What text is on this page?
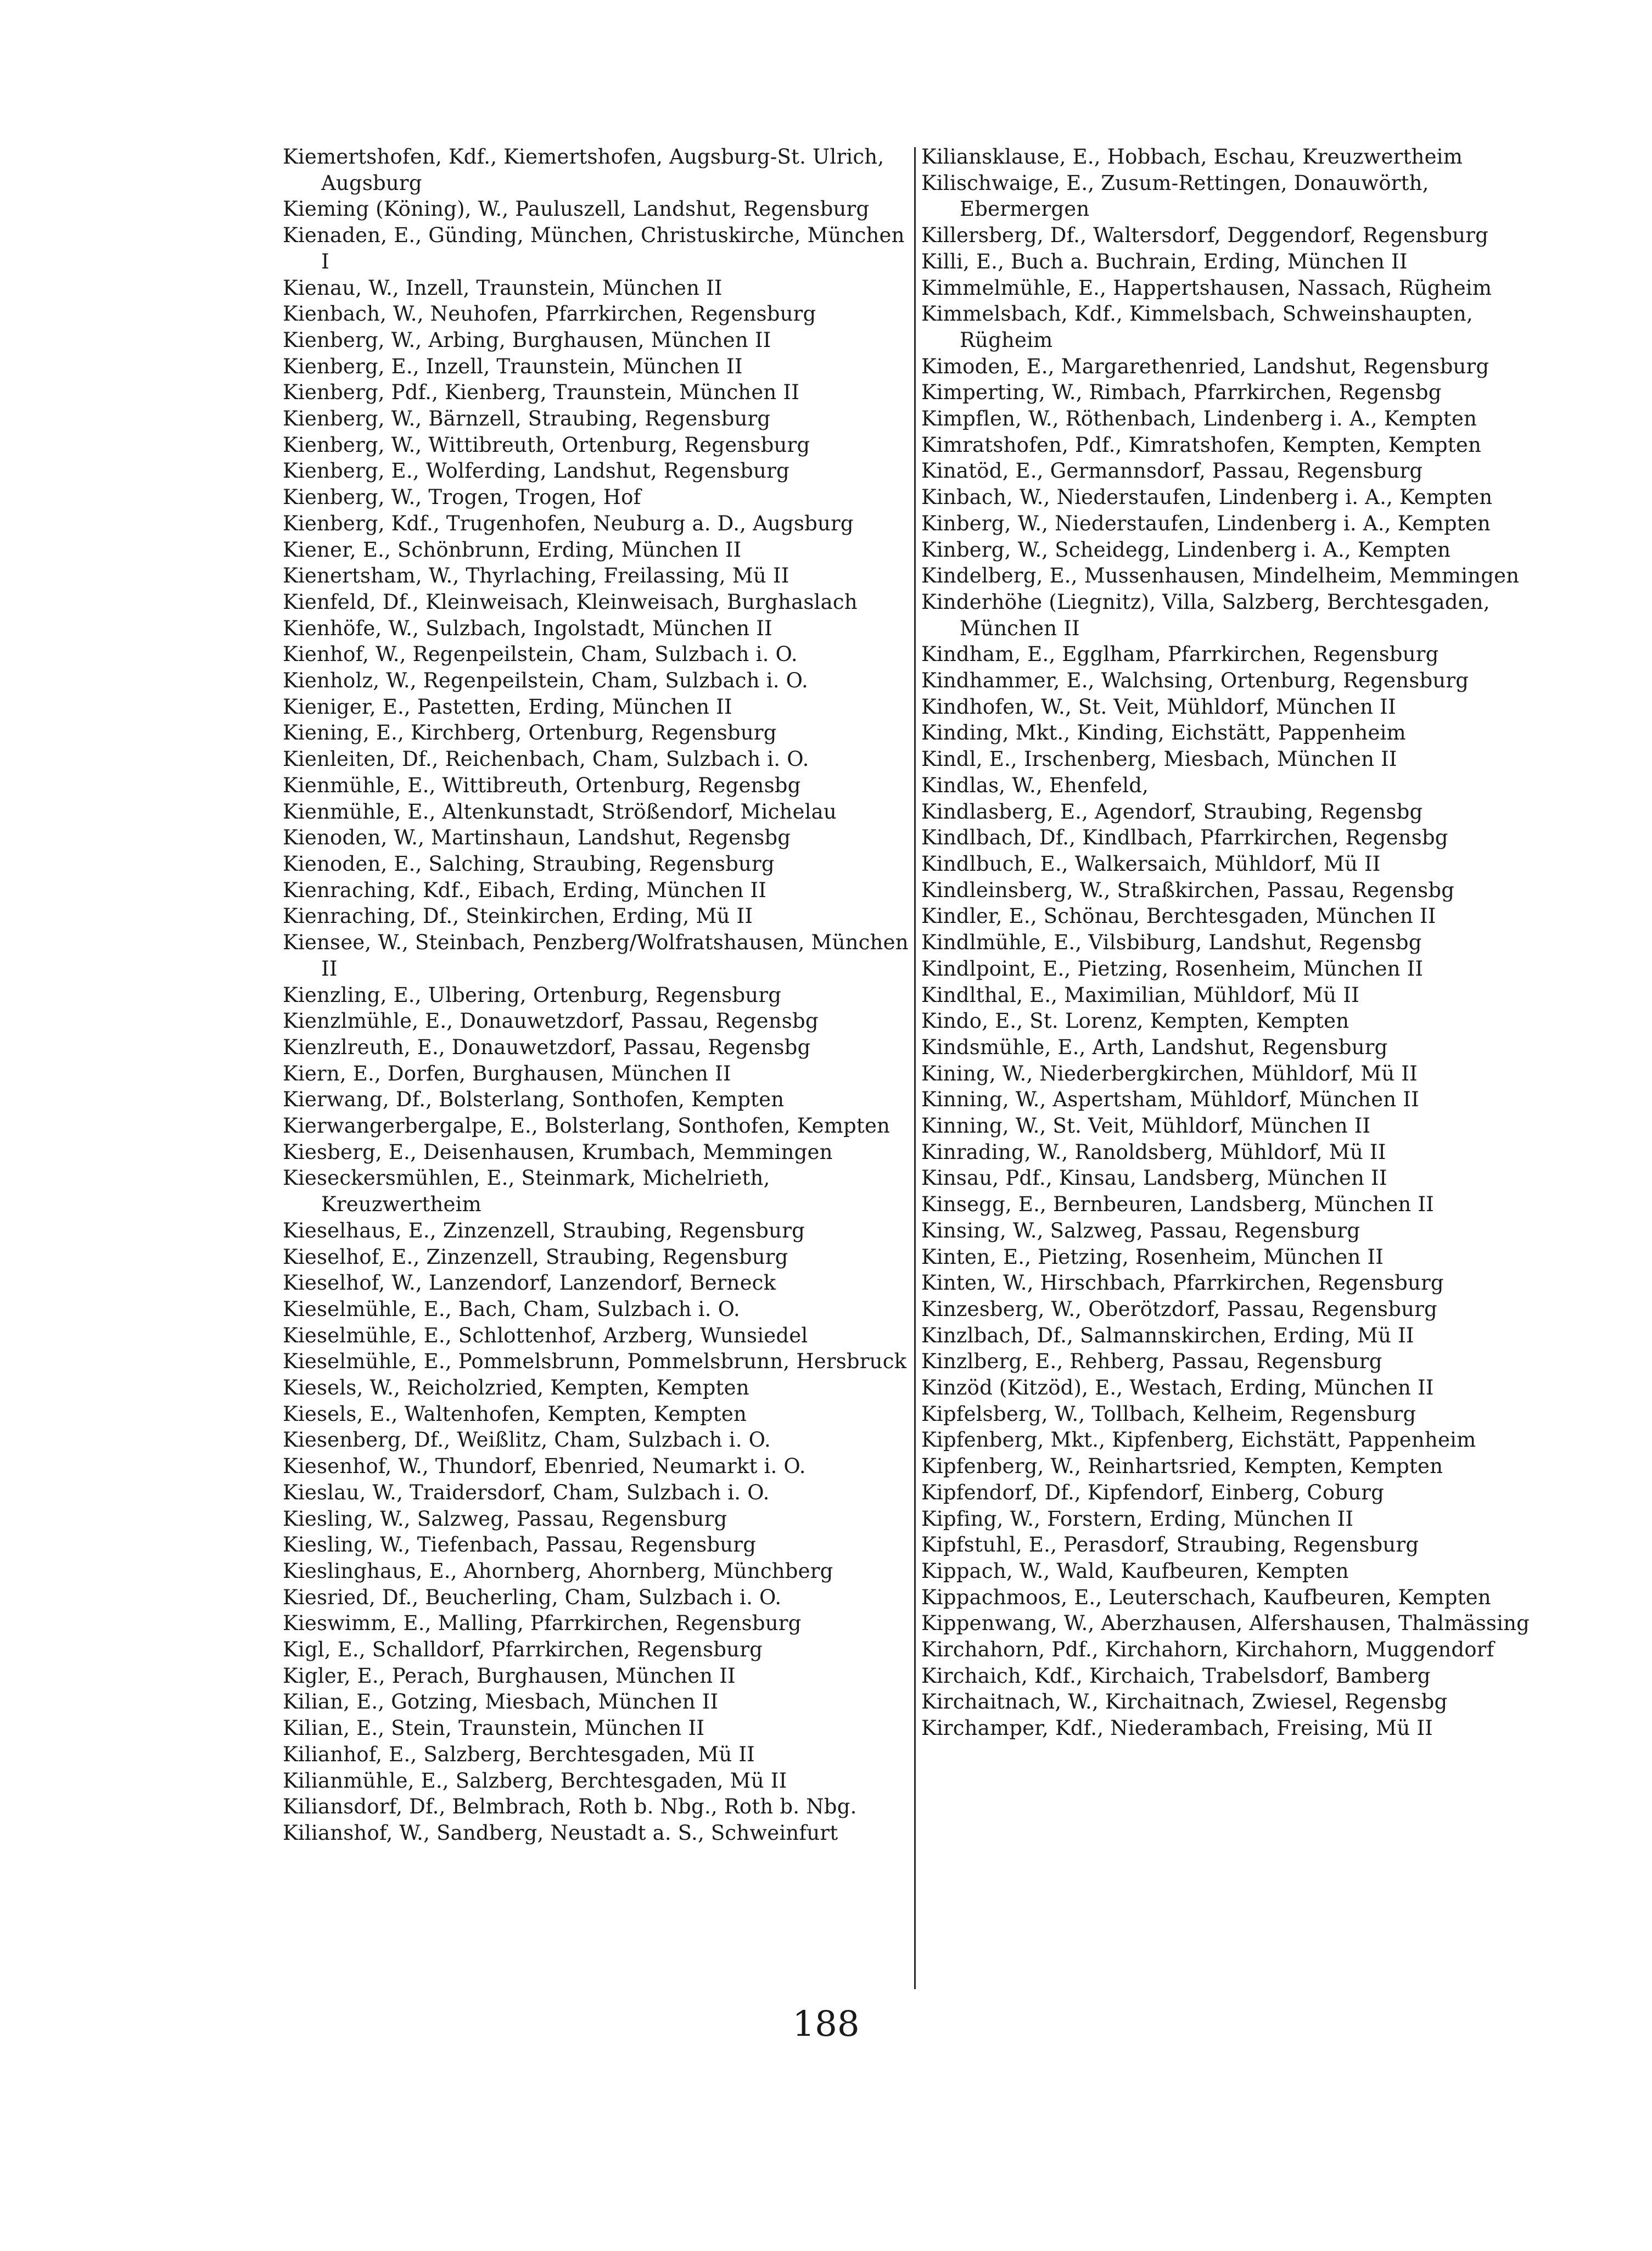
Kiemertshofen, Kdf., Kiemertshofen, Augsburg-St. Ulrich, Augsburg
Kieming (Köning), W., Pauluszell, Landshut, Regensburg
Kienaden, E., Günding, München, Christuskirche, München I
Kienau, W., Inzell, Traunstein, München II
Kienbach, W., Neuhofen, Pfarrkirchen, Regensburg
Kienberg, W., Arbing, Burghausen, München II
Kienberg, E., Inzell, Traunstein, München II
Kienberg, Pdf., Kienberg, Traunstein, München II
Kienberg, W., Bärnzell, Straubing, Regensburg
Kienberg, W., Wittibreuth, Ortenburg, Regensburg
Kienberg, E., Wolferding, Landshut, Regensburg
Kienberg, W., Trogen, Trogen, Hof
Kienberg, Kdf., Trugenhofen, Neuburg a. D., Augsburg
Kiener, E., Schönbrunn, Erding, München II
Kienertsham, W., Thyrlaching, Freilassing, Mü II
Kienfeld, Df., Kleinweisach, Kleinweisach, Burghaslach
Kienhöfe, W., Sulzbach, Ingolstadt, München II
Kienhof, W., Regenpeilstein, Cham, Sulzbach i. O.
Kienholz, W., Regenpeilstein, Cham, Sulzbach i. O.
Kieniger, E., Pastetten, Erding, München II
Kiening, E., Kirchberg, Ortenburg, Regensburg
Kienleiten, Df., Reichenbach, Cham, Sulzbach i. O.
Kienmühle, E., Wittibreuth, Ortenburg, Regensbg
Kienmühle, E., Altenkunstadt, Strößendorf, Michelau
Kienoden, W., Martinshaun, Landshut, Regensbg
Kienoden, E., Salching, Straubing, Regensburg
Kienraching, Kdf., Eibach, Erding, München II
Kienraching, Df., Steinkirchen, Erding, Mü II
Kiensee, W., Steinbach, Penzberg/Wolfratshausen, München II
Kienzling, E., Ulbering, Ortenburg, Regensburg
Kienzlmühle, E., Donauwetzdorf, Passau, Regensbg
Kienzlreuth, E., Donauwetzdorf, Passau, Regensbg
Kiern, E., Dorfen, Burghausen, München II
Kierwang, Df., Bolsterlang, Sonthofen, Kempten
Kierwangerbergalpe, E., Bolsterlang, Sonthofen, Kempten
Kiesberg, E., Deisenhausen, Krumbach, Memmingen
Kieseckersmühlen, E., Steinmark, Michelrieth, Kreuzwertheim
Kieselhaus, E., Zinzenzell, Straubing, Regensburg
Kieselhof, E., Zinzenzell, Straubing, Regensburg
Kieselhof, W., Lanzendorf, Lanzendorf, Berneck
Kieselmühle, E., Bach, Cham, Sulzbach i. O.
Kieselmühle, E., Schlottenhof, Arzberg, Wunsiedel
Kieselmühle, E., Pommelsbrunn, Pommelsbrunn, Hersbruck
Kiesels, W., Reicholzried, Kempten, Kempten
Kiesels, E., Waltenhofen, Kempten, Kempten
Kiesenberg, Df., Weißlitz, Cham, Sulzbach i. O.
Kiesenhof, W., Thundorf, Ebenried, Neumarkt i. O.
Kieslau, W., Traidersdorf, Cham, Sulzbach i. O.
Kiesling, W., Salzweg, Passau, Regensburg
Kiesling, W., Tiefenbach, Passau, Regensburg
Kieslinghaus, E., Ahornberg, Ahornberg, Münchberg
Kiesried, Df., Beucherling, Cham, Sulzbach i. O.
Kieswimm, E., Malling, Pfarrkirchen, Regensburg
Kigl, E., Schalldorf, Pfarrkirchen, Regensburg
Kigler, E., Perach, Burghausen, München II
Kilian, E., Gotzing, Miesbach, München II
Kilian, E., Stein, Traunstein, München II
Kilianhof, E., Salzberg, Berchtesgaden, Mü II
Kilianmühle, E., Salzberg, Berchtesgaden, Mü II
Kiliansdorf, Df., Belmbrach, Roth b. Nbg., Roth b. Nbg.
Kilianshof, W., Sandberg, Neustadt a. S., Schweinfurt
Kiliansklause, E., Hobbach, Eschau, Kreuzwertheim
Kilischwaige, E., Zusum-Rettingen, Donauwörth, Ebermergen
Killersberg, Df., Waltersdorf, Deggendorf, Regensburg
Killi, E., Buch a. Buchrain, Erding, München II
Kimmelmühle, E., Happertshausen, Nassach, Rügheim
Kimmelsbach, Kdf., Kimmelsbach, Schweinshaupten, Rügheim
Kimoden, E., Margarethenried, Landshut, Regensburg
Kimperting, W., Rimbach, Pfarrkirchen, Regensbg
Kimpflen, W., Röthenbach, Lindenberg i. A., Kempten
Kimratshofen, Pdf., Kimratshofen, Kempten, Kempten
Kinatöd, E., Germannsdorf, Passau, Regensburg
Kinbach, W., Niederstaufen, Lindenberg i. A., Kempten
Kinberg, W., Niederstaufen, Lindenberg i. A., Kempten
Kinberg, W., Scheidegg, Lindenberg i. A., Kempten
Kindelberg, E., Mussenhausen, Mindelheim, Memmingen
Kinderhöhe (Liegnitz), Villa, Salzberg, Berchtesgaden, München II
Kindham, E., Egglham, Pfarrkirchen, Regensburg
Kindhammer, E., Walchsing, Ortenburg, Regensburg
Kindhofen, W., St. Veit, Mühldorf, München II
Kinding, Mkt., Kinding, Eichstätt, Pappenheim
Kindl, E., Irschenberg, Miesbach, München II
Kindlas, W., Ehenfeld,
Kindlasberg, E., Agendorf, Straubing, Regensbg
Kindlbach, Df., Kindlbach, Pfarrkirchen, Regensbg
Kindlbuch, E., Walkersaich, Mühldorf, Mü II
Kindleinsberg, W., Straßkirchen, Passau, Regensbg
Kindler, E., Schönau, Berchtesgaden, München II
Kindlmühle, E., Vilsbiburg, Landshut, Regensbg
Kindlpoint, E., Pietzing, Rosenheim, München II
Kindlthal, E., Maximilian, Mühldorf, Mü II
Kindo, E., St. Lorenz, Kempten, Kempten
Kindsmühle, E., Arth, Landshut, Regensburg
Kining, W., Niederbergkirchen, Mühldorf, Mü II
Kinning, W., Aspertsham, Mühldorf, München II
Kinning, W., St. Veit, Mühldorf, München II
Kinrading, W., Ranoldsberg, Mühldorf, Mü II
Kinsau, Pdf., Kinsau, Landsberg, München II
Kinsegg, E., Bernbeuren, Landsberg, München II
Kinsing, W., Salzweg, Passau, Regensburg
Kinten, E., Pietzing, Rosenheim, München II
Kinten, W., Hirschbach, Pfarrkirchen, Regensburg
Kinzesberg, W., Oberötzdorf, Passau, Regensburg
Kinzlbach, Df., Salmannskirchen, Erding, Mü II
Kinzlberg, E., Rehberg, Passau, Regensburg
Kinzöd (Kitzöd), E., Westach, Erding, München II
Kipfelsberg, W., Tollbach, Kelheim, Regensburg
Kipfenberg, Mkt., Kipfenberg, Eichstätt, Pappenheim
Kipfenberg, W., Reinhartsried, Kempten, Kempten
Kipfendorf, Df., Kipfendorf, Einberg, Coburg
Kipfing, W., Forstern, Erding, München II
Kipfstuhl, E., Perasdorf, Straubing, Regensburg
Kippach, W., Wald, Kaufbeuren, Kempten
Kippachmoos, E., Leuterschach, Kaufbeuren, Kempten
Kippenwang, W., Aberzhausen, Alfershausen, Thalmässing
Kirchahorn, Pdf., Kirchahorn, Kirchahorn, Muggendorf
Kirchaich, Kdf., Kirchaich, Trabelsdorf, Bamberg
Kirchaitnach, W., Kirchaitnach, Zwiesel, Regensbg
Kirchamper, Kdf., Niederambach, Freising, Mü II
188
